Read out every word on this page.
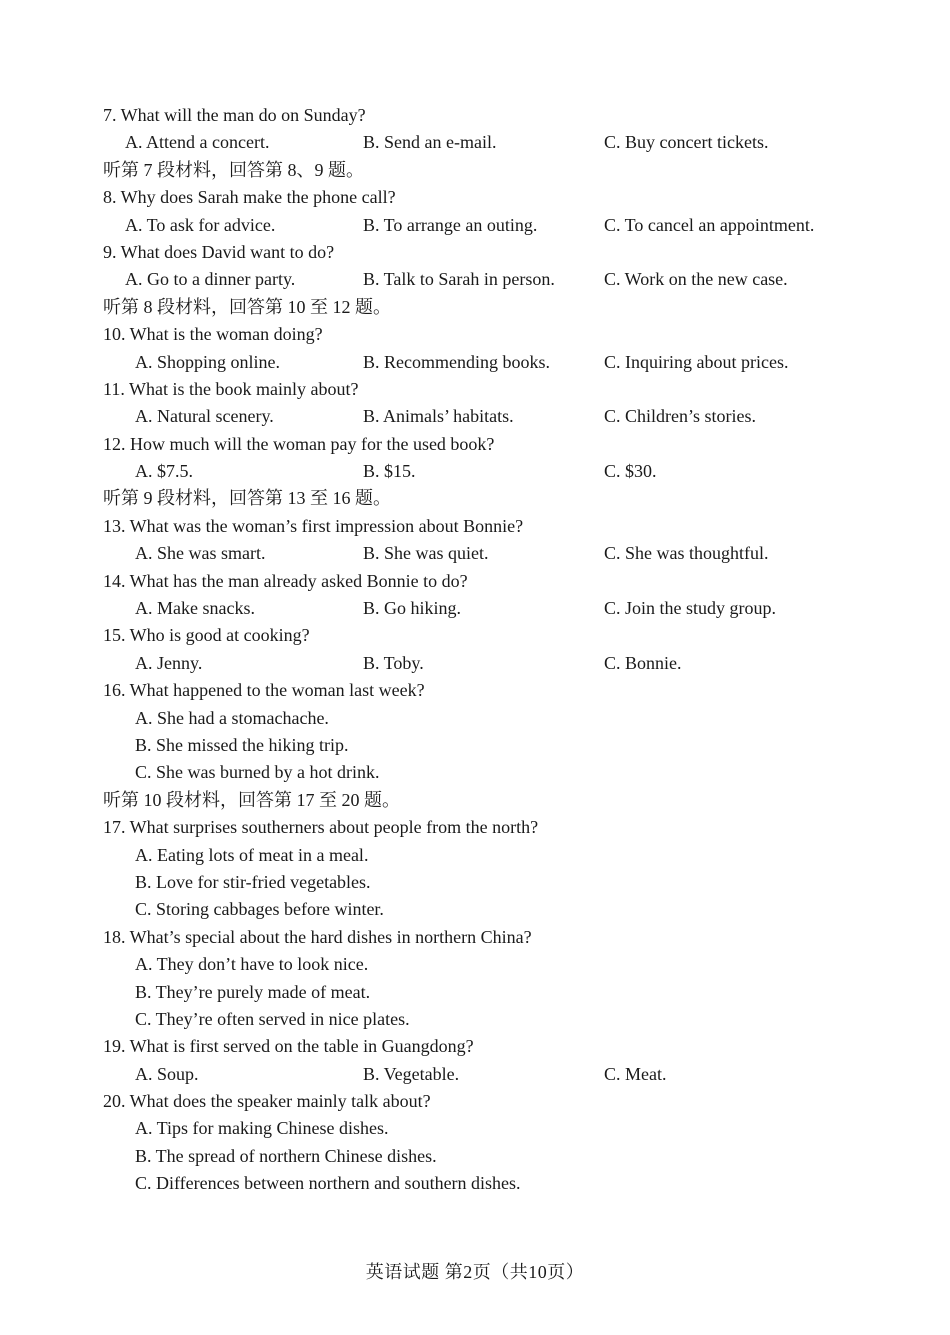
7. What will the man do on Sunday?
A. Attend a concert.	B. Send an e-mail.	C. Buy concert tickets.
听第 7 段材料，回答第 8、9 题。
8. Why does Sarah make the phone call?
A. To ask for advice.	B. To arrange an outing.	C. To cancel an appointment.
9. What does David want to do?
A. Go to a dinner party.	B. Talk to Sarah in person.	C. Work on the new case.
听第 8 段材料，回答第 10 至 12 题。
10. What is the woman doing?
A. Shopping online.	B. Recommending books.	C. Inquiring about prices.
11. What is the book mainly about?
A. Natural scenery.	B. Animals’ habitats.	C. Children’s stories.
12. How much will the woman pay for the used book?
A. $7.5.	B. $15.	C. $30.
听第 9 段材料，回答第 13 至 16 题。
13. What was the woman’s first impression about Bonnie?
A. She was smart.	B. She was quiet.	C. She was thoughtful.
14. What has the man already asked Bonnie to do?
A. Make snacks.	B. Go hiking.	C. Join the study group.
15. Who is good at cooking?
A. Jenny.	B. Toby.	C. Bonnie.
16. What happened to the woman last week?
A. She had a stomachache.
B. She missed the hiking trip.
C. She was burned by a hot drink.
听第 10 段材料，回答第 17 至 20 题。
17. What surprises southerners about people from the north?
A. Eating lots of meat in a meal.
B. Love for stir-fried vegetables.
C. Storing cabbages before winter.
18. What’s special about the hard dishes in northern China?
A. They don’t have to look nice.
B. They’re purely made of meat.
C. They’re often served in nice plates.
19. What is first served on the table in Guangdong?
A. Soup.	B. Vegetable.	C. Meat.
20. What does the speaker mainly talk about?
A. Tips for making Chinese dishes.
B. The spread of northern Chinese dishes.
C. Differences between northern and southern dishes.
英语试题 第2页（共10页）
